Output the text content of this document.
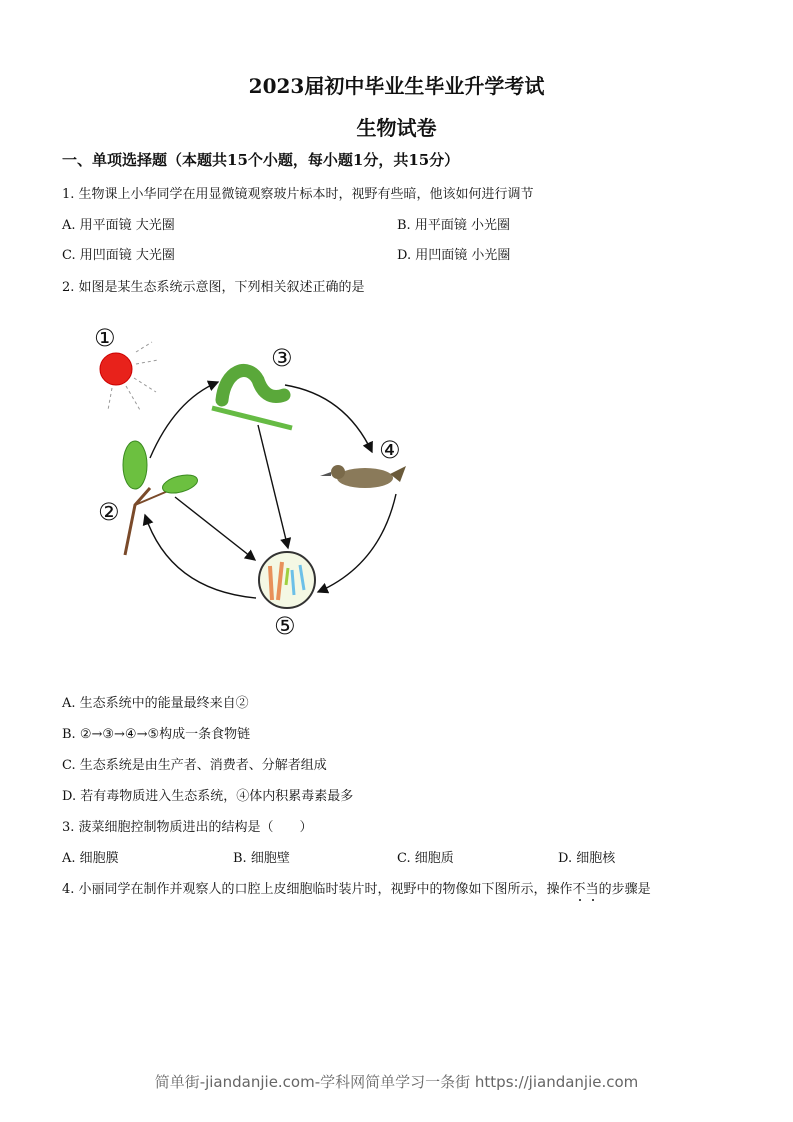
2023届初中毕业生毕业升学考试
生物试卷
一、单项选择题（本题共15个小题，每小题1分，共15分）
1. 生物课上小华同学在用显微镜观察玻片标本时，视野有些暗，他该如何进行调节
A. 用平面镜 大光圈	B. 用平面镜 小光圈
C. 用凹面镜 大光圈	D. 用凹面镜 小光圈
2. 如图是某生态系统示意图，下列相关叙述正确的是
①
②
③
④
⑤
A. 生态系统中的能量最终来自②
B. ②→③→④→⑤构成一条食物链
C. 生态系统是由生产者、消费者、分解者组成
D. 若有毒物质进入生态系统，④体内积累毒素最多
3. 菠菜细胞控制物质进出的结构是（　　）
A. 细胞膜	B. 细胞壁	C. 细胞质	D. 细胞核
4. 小丽同学在制作并观察人的口腔上皮细胞临时装片时，视野中的物像如下图所示，操作不当的步骤是
简单街-jiandanjie.com-学科网简单学习一条街 https://jiandanjie.com
